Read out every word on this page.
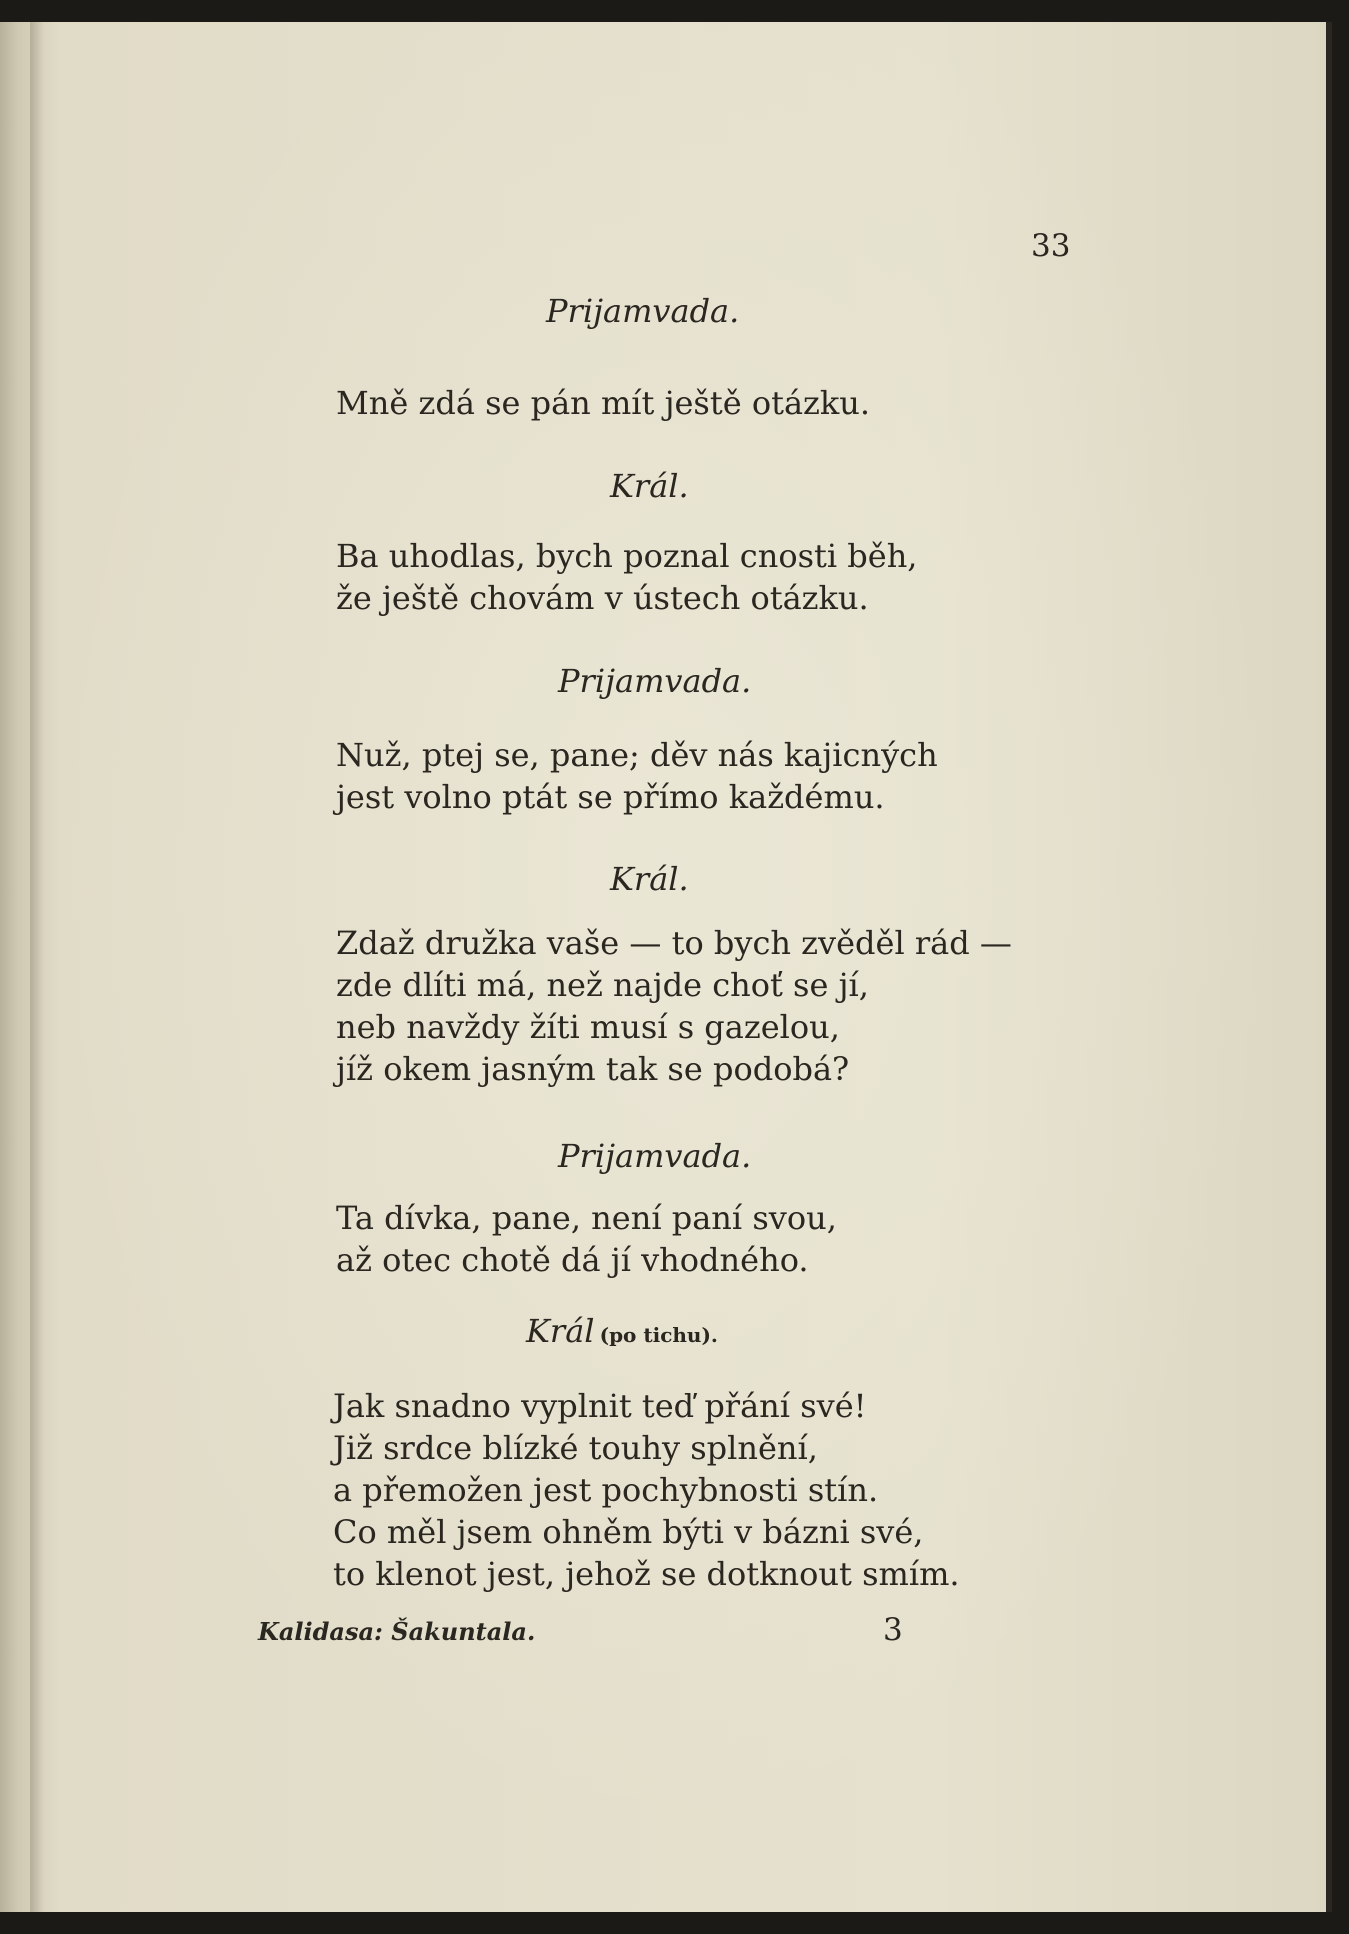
33
Prijamvada.
Mně zdá se pán mít ještě otázku.
Král.
Ba uhodlas, bych poznal cnosti běh,
že ještě chovám v ústech otázku.
Prijamvada.
Nuž, ptej se, pane; děv nás kajicných
jest volno ptát se přímo každému.
Král.
Zdaž družka vaše — to bych zvěděl rád —
zde dlíti má, než najde choť se jí,
neb navždy žíti musí s gazelou,
jíž okem jasným tak se podobá?
Prijamvada.
Ta dívka, pane, není paní svou,
až otec chotě dá jí vhodného.
Král (po tichu).
Jak snadno vyplnit teď přání své!
Již srdce blízké touhy splnění,
a přemožen jest pochybnosti stín.
Co měl jsem ohněm býti v bázni své,
to klenot jest, jehož se dotknout smím.
Kalidasa: Šakuntala.	3
